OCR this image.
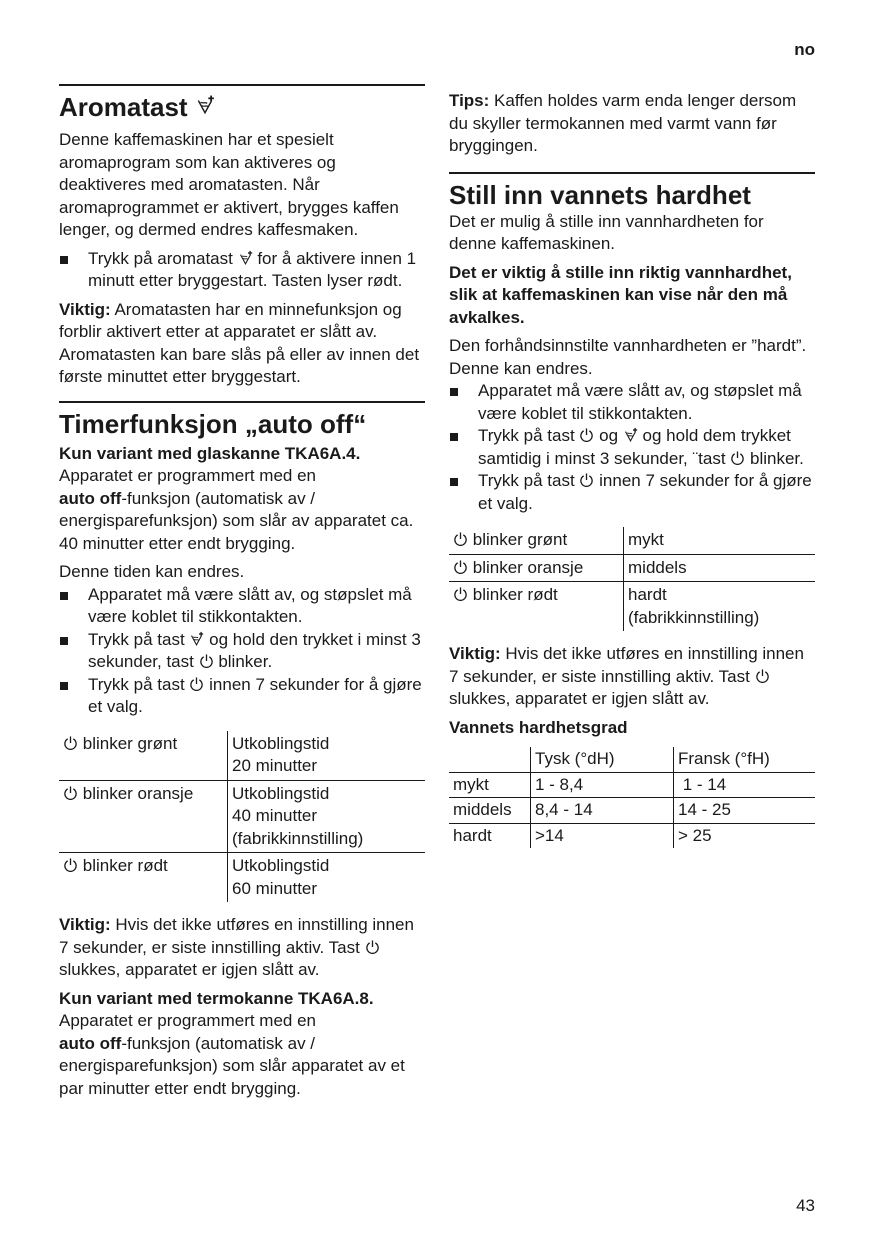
no
Aromatast

Denne kaffemaskinen har et spesielt aromaprogram som kan aktiveres og deaktiveres med aromatasten. Når aromaprogrammet er aktivert, brygges kaffen lenger, og dermed endres kaffesmaken.

Trykk på aromatast for å aktivere innen 1 minutt etter bryggestart. Tasten lyser rødt.

Viktig: Aromatasten har en minnefunksjon og forblir aktivert etter at apparatet er slått av. Aromatasten kan bare slås på eller av innen det første minuttet etter bryggestart.

Timerfunksjon „auto off“

Kun variant med glaskanne TKA6A.4.

Apparatet er programmert med en
auto off-funksjon (automatisk av / energisparefunksjon) som slår av apparatet ca. 40 minutter etter endt brygging.

Denne tiden kan endres.

Apparatet må være slått av, og støpslet må være koblet til stikkontakten.
Trykk på tast og hold den trykket i minst 3 sekunder, tast blinker.
Trykk på tast innen 7 sekunder for å gjøre et valg.
blinker grønt	Utkoblingstid
20 minutter

blinker oransje	Utkoblingstid
40 minutter
(fabrikkinnstilling)

blinker rødt	Utkoblingstid
60 minutter

Viktig: Hvis det ikke utføres en innstilling innen 7 sekunder, er siste innstilling aktiv. Tast
slukkes, apparatet er igjen slått av.

Kun variant med termokanne TKA6A.8.

Apparatet er programmert med en
auto off-funksjon (automatisk av / energisparefunksjon) som slår apparatet av et par minutter etter endt brygging.

Tips: Kaffen holdes varm enda lenger dersom du skyller termokannen med varmt vann før bryggingen.

Still inn vannets hardhet

Det er mulig å stille inn vannhardheten for denne kaffemaskinen.

Det er viktig å stille inn riktig vannhardhet, slik at kaffemaskinen kan vise når den må avkalkes.

Den forhåndsinnstilte vannhardheten er ”hardt”.
Denne kan endres.

Apparatet må være slått av, og støpslet må være koblet til stikkontakten.
Trykk på tast og og hold dem trykket samtidig i minst 3 sekunder, ¨tast blinker.
Trykk på tast innen 7 sekunder for å gjøre et valg.
blinker grønt	mykt

blinker oransje	middels

blinker rødt	hardt
(fabrikkinnstilling)

Viktig: Hvis det ikke utføres en innstilling innen 7 sekunder, er siste innstilling aktiv. Tast
slukkes, apparatet er igjen slått av.

Vannets hardhetsgrad

	Tysk (°dH)	Fransk (°fH)
mykt	1 - 8,4	1 - 14
middels	8,4 - 14	14 - 25
hardt	>14	> 25
43
